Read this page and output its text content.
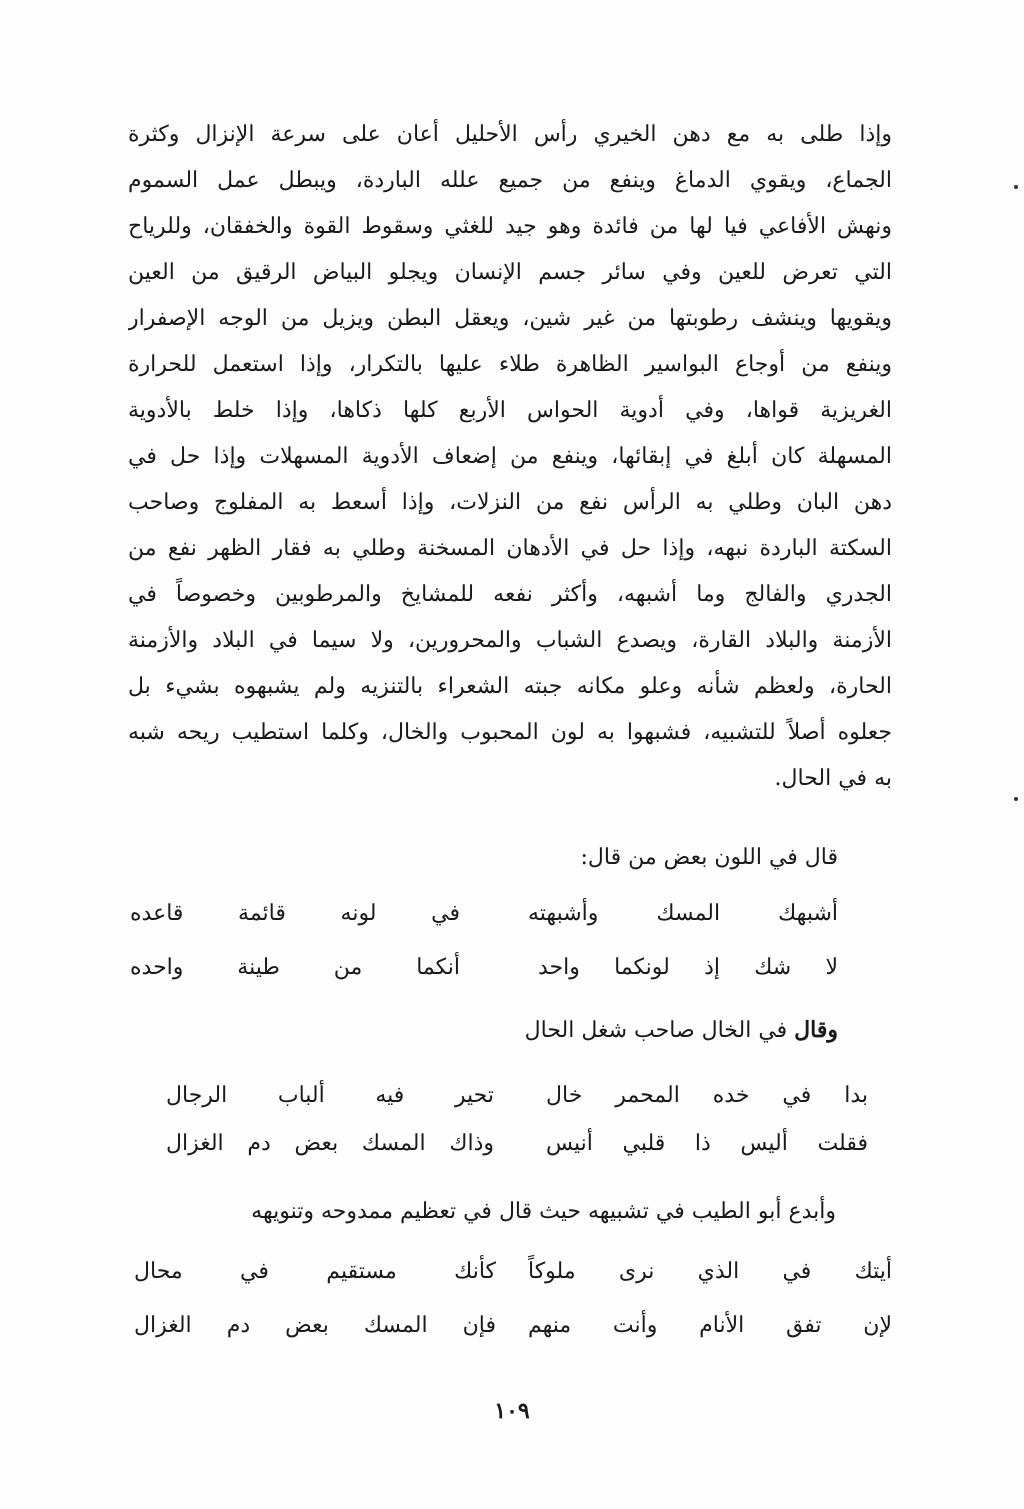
وإذا طلى به مع دهن الخيري رأس الأحليل أعان على سرعة الإنزال وكثرة
الجماع، ويقوي الدماغ وينفع من جميع علله الباردة، ويبطل عمل السموم
ونهش الأفاعي فيا لها من فائدة وهو جيد للغثي وسقوط القوة والخفقان، وللرياح
التي تعرض للعين وفي سائر جسم الإنسان ويجلو البياض الرقيق من العين
ويقويها وينشف رطوبتها من غير شين، ويعقل البطن ويزيل من الوجه الإصفرار
وينفع من أوجاع البواسير الظاهرة طلاء عليها بالتكرار، وإذا استعمل للحرارة
الغريزية قواها، وفي أدوية الحواس الأربع كلها ذكاها، وإذا خلط بالأدوية
المسهلة كان أبلغ في إبقائها، وينفع من إضعاف الأدوية المسهلات وإذا حل في
دهن البان وطلي به الرأس نفع من النزلات، وإذا أسعط به المفلوج وصاحب
السكتة الباردة نبهه، وإذا حل في الأدهان المسخنة وطلي به فقار الظهر نفع من
الجدري والفالج وما أشبهه، وأكثر نفعه للمشايخ والمرطوبين وخصوصاً في
الأزمنة والبلاد القارة، ويصدع الشباب والمحرورين، ولا سيما في البلاد والأزمنة
الحارة، ولعظم شأنه وعلو مكانه جبته الشعراء بالتنزيه ولم يشبهوه بشيء بل
جعلوه أصلاً للتشبيه، فشبهوا به لون المحبوب والخال، وكلما استطيب ريحه شبه
به في الحال.
قال في اللون بعض من قال:
أشبهك المسك وأشبهته
في لونه قائمة قاعده
لا شك إذ لونكما واحد
أنكما من طينة واحده
وقال في الخال صاحب شغل الحال
بدا في خده المحمر خال
تحير فيه ألباب الرجال
فقلت أليس ذا قلبي أنيس
وذاك المسك بعض دم الغزال
وأبدع أبو الطيب في تشبيهه حيث قال في تعظيم ممدوحه وتنويهه
أيتك في الذي نرى ملوكاً
كأنك مستقيم في محال
لإن تفق الأنام وأنت منهم
فإن المسك بعض دم الغزال
١٠٩
